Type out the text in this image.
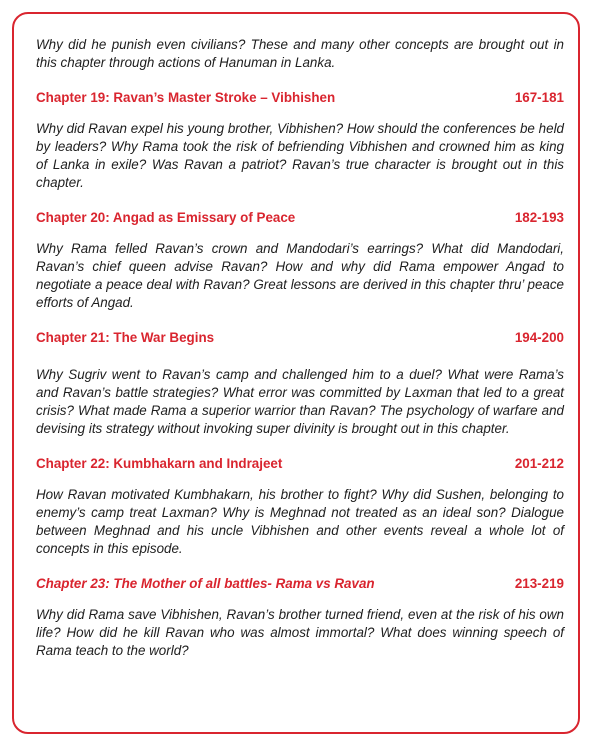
Why did he punish even civilians? These and many other concepts are brought out in this chapter through actions of Hanuman in Lanka.

Chapter 19: Ravan’s Master Stroke – Vibhishen	167-181

Why did Ravan expel his young brother, Vibhishen? How should the conferences be held by leaders? Why Rama took the risk of befriending Vibhishen and crowned him as king of Lanka in exile? Was Ravan a patriot? Ravan’s true character is brought out in this chapter.

Chapter 20: Angad as Emissary of Peace	182-193

Why Rama felled Ravan’s crown and Mandodari’s earrings? What did Mandodari, Ravan’s chief queen advise Ravan? How and why did Rama empower Angad to negotiate a peace deal with Ravan? Great lessons are derived in this chapter thru’ peace efforts of Angad.

Chapter 21: The War Begins	194-200

Why Sugriv went to Ravan’s camp and challenged him to a duel? What were Rama’s and Ravan’s battle strategies? What error was committed by Laxman that led to a great crisis? What made Rama a superior warrior than Ravan? The psychology of warfare and devising its strategy without invoking super divinity is brought out in this chapter.

Chapter 22: Kumbhakarn and Indrajeet	201-212

How Ravan motivated Kumbhakarn, his brother to fight? Why did Sushen, belonging to enemy’s camp treat Laxman? Why is Meghnad not treated as an ideal son? Dialogue between Meghnad and his uncle Vibhishen and other events reveal a whole lot of concepts in this episode.

Chapter 23: The Mother of all battles- Rama vs Ravan	213-219

Why did Rama save Vibhishen, Ravan’s brother turned friend, even at the risk of his own life? How did he kill Ravan who was almost immortal? What does winning speech of Rama teach to the world?
